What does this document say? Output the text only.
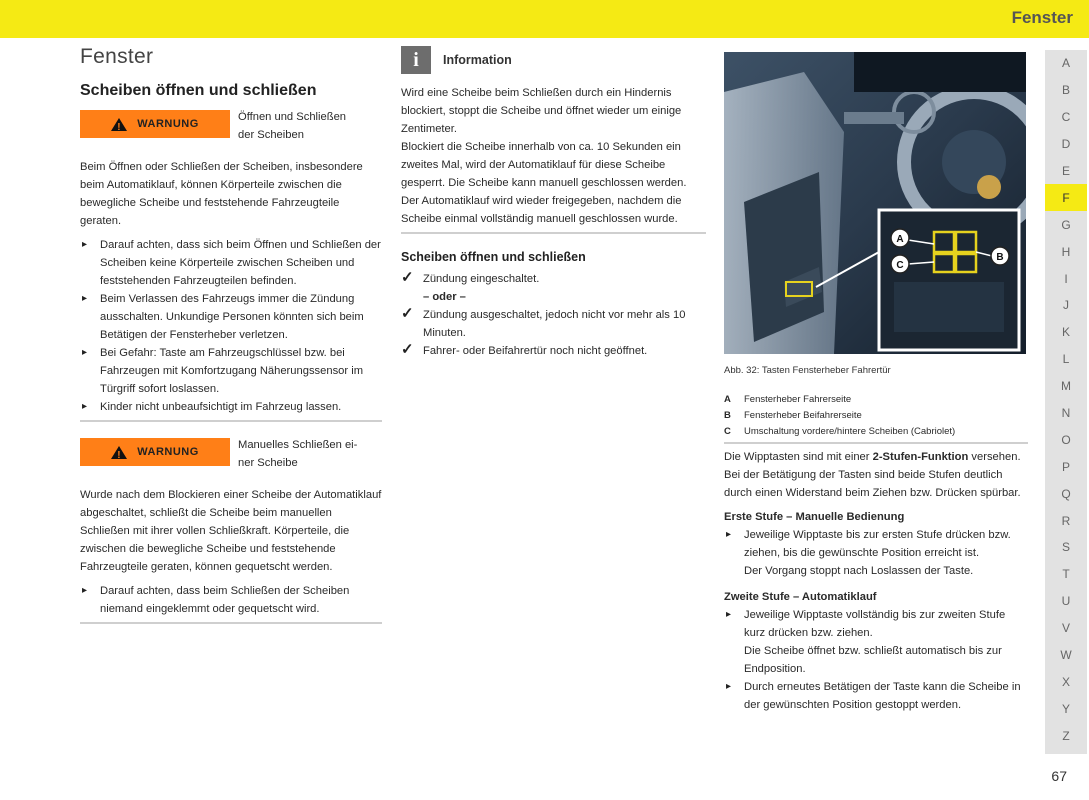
Fenster
Fenster
Scheiben öffnen und schließen
!
WARNUNG
Öffnen und Schließen
der Scheiben

Beim Öffnen oder Schließen der Scheiben, insbesondere beim Automatiklauf, können Körperteile zwischen die bewegliche Scheibe und feststehende Fahrzeugteile geraten.

▸ Darauf achten, dass sich beim Öffnen und Schließen der Scheiben keine Körperteile zwischen Scheiben und feststehenden Fahrzeugteilen befinden.

▸ Beim Verlassen des Fahrzeugs immer die Zündung ausschalten. Unkundige Personen könnten sich beim Betätigen der Fensterheber verletzen.

▸ Bei Gefahr: Taste am Fahrzeugschlüssel bzw. bei Fahrzeugen mit Komfortzugang Näherungssensor im Türgriff sofort loslassen.

▸ Kinder nicht unbeaufsichtigt im Fahrzeug lassen.

!
WARNUNG
Manuelles Schließen ei-
ner Scheibe

Wurde nach dem Blockieren einer Scheibe der Automatiklauf abgeschaltet, schließt die Scheibe beim manuellen Schließen mit ihrer vollen Schließkraft. Körperteile, die zwischen die bewegliche Scheibe und feststehende Fahrzeugteile geraten, können gequetscht werden.

▸ Darauf achten, dass beim Schließen der Scheiben niemand eingeklemmt oder gequetscht wird.

i	Information

Wird eine Scheibe beim Schließen durch ein Hindernis blockiert, stoppt die Scheibe und öffnet wieder um einige Zentimeter.

Blockiert die Scheibe innerhalb von ca. 10 Sekunden ein zweites Mal, wird der Automatiklauf für diese Scheibe gesperrt. Die Scheibe kann manuell geschlossen werden. Der Automatiklauf wird wieder freigegeben, nachdem die Scheibe einmal vollständig manuell geschlossen wurde.

Scheiben öffnen und schließen

✓ Zündung eingeschaltet.

– oder –

✓ Zündung ausgeschaltet, jedoch nicht vor mehr als 10 Minuten.

✓ Fahrer- oder Beifahrertür noch nicht geöffnet.

A
C
B
Abb. 32: Tasten Fensterheber Fahrertür
A Fensterheber Fahrerseite
B Fensterheber Beifahrerseite
C Umschaltung vordere/hintere Scheiben (Cabriolet)

Die Wipptasten sind mit einer 2-Stufen-Funktion versehen. Bei der Betätigung der Tasten sind beide Stufen deutlich durch einen Widerstand beim Ziehen bzw. Drücken spürbar.

Erste Stufe – Manuelle Bedienung

▸ Jeweilige Wipptaste bis zur ersten Stufe drücken bzw. ziehen, bis die gewünschte Position erreicht ist.

Der Vorgang stoppt nach Loslassen der Taste.

Zweite Stufe – Automatiklauf

▸ Jeweilige Wipptaste vollständig bis zur zweiten Stufe kurz drücken bzw. ziehen.

Die Scheibe öffnet bzw. schließt automatisch bis zur Endposition.

▸ Durch erneutes Betätigen der Taste kann die Scheibe in der gewünschten Position gestoppt werden.

A
B
C
D
E
F
G
H
I
J
K
L
M
N
O
P
Q
R
S
T
U
V
W
X
Y
Z
67
